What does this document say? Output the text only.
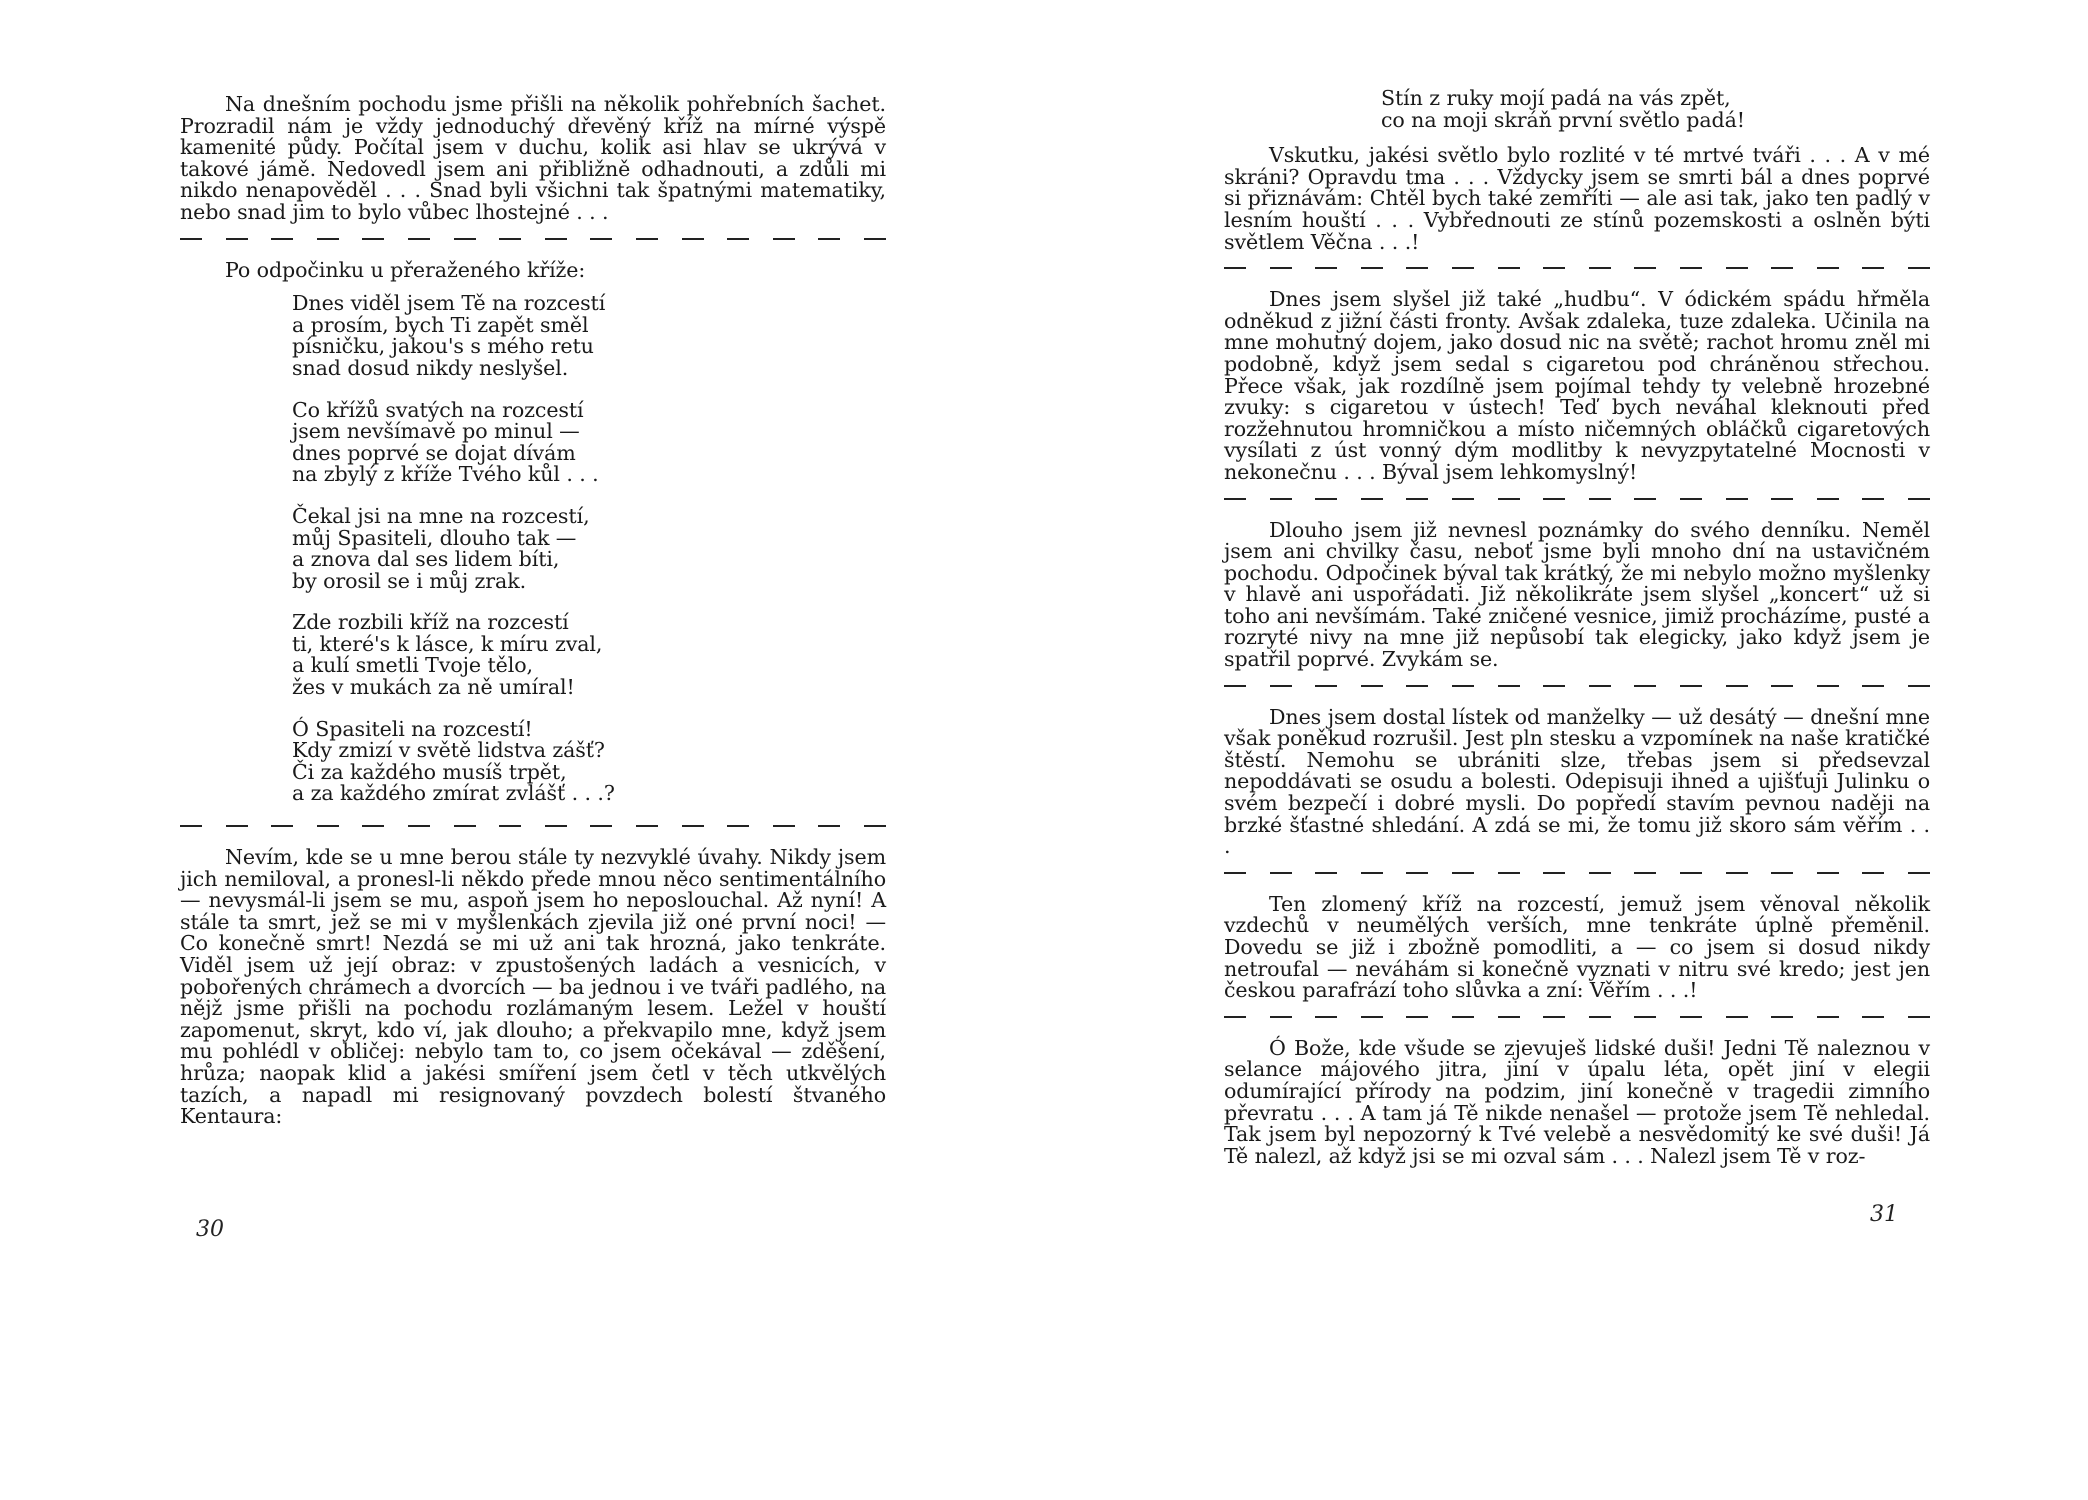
Na dnešním pochodu jsme přišli na několik pohřebních šachet. Prozradil nám je vždy jednoduchý dřevěný kříž na mírné výspě kamenité půdy. Počítal jsem v duchu, kolik asi hlav se ukrývá v takové jámě. Nedovedl jsem ani přibližně odhadnouti, a zdůli mi nikdo nenapověděl . . . Snad byli všichni tak špatnými matematiky, nebo snad jim to bylo vůbec lhostejné . . .

Po odpočinku u přeraženého kříže:

Dnes viděl jsem Tě na rozcestí
a prosím, bych Ti zapět směl
písničku, jakou's s mého retu
snad dosud nikdy neslyšel.
Co křížů svatých na rozcestí
jsem nevšímavě po minul —
dnes poprvé se dojat dívám
na zbylý z kříže Tvého kůl . . .
Čekal jsi na mne na rozcestí,
můj Spasiteli, dlouho tak —
a znova dal ses lidem bíti,
by orosil se i můj zrak.
Zde rozbili kříž na rozcestí
ti, které's k lásce, k míru zval,
a kulí smetli Tvoje tělo,
žes v mukách za ně umíral!
Ó Spasiteli na rozcestí!
Kdy zmizí v světě lidstva zášť?
Či za každého musíš trpět,
a za každého zmírat zvlášť . . .?

Nevím, kde se u mne berou stále ty nezvyklé úvahy. Nikdy jsem jich nemiloval, a pronesl-li někdo přede mnou něco sentimentálního — nevysmál-li jsem se mu, aspoň jsem ho neposlouchal. Až nyní! A stále ta smrt, jež se mi v myšlenkách zjevila již oné první noci! — Co konečně smrt! Nezdá se mi už ani tak hrozná, jako tenkráte. Viděl jsem už její obraz: v zpustošených ladách a vesnicích, v pobořených chrámech a dvorcích — ba jednou i ve tváři padlého, na nějž jsme přišli na pochodu rozlámaným lesem. Ležel v houští zapomenut, skryt, kdo ví, jak dlouho; a překvapilo mne, když jsem mu pohlédl v obličej: nebylo tam to, co jsem očekával — zděšení, hrůza; naopak klid a jakési smíření jsem četl v těch utkvělých tazích, a napadl mi resignovaný povzdech bolestí štvaného Kentaura:

30
Stín z ruky mojí padá na vás zpět,
co na moji skráň první světlo padá!

Vskutku, jakési světlo bylo rozlité v té mrtvé tváři . . . A v mé skráni? Opravdu tma . . . Vždycky jsem se smrti bál a dnes poprvé si přiznávám: Chtěl bych také zemříti — ale asi tak, jako ten padlý v lesním houští . . . Vybřednouti ze stínů pozemskosti a oslněn býti světlem Věčna . . .!

Dnes jsem slyšel již také „hudbu“. V ódickém spádu hřměla odněkud z jižní části fronty. Avšak zdaleka, tuze zdaleka. Učinila na mne mohutný dojem, jako dosud nic na světě; rachot hromu zněl mi podobně, když jsem sedal s cigaretou pod chráněnou střechou. Přece však, jak rozdílně jsem pojímal tehdy ty velebně hrozebné zvuky: s cigaretou v ústech! Teď bych neváhal kleknouti před rozžehnutou hromničkou a místo ničemných obláčků cigaretových vysílati z úst vonný dým modlitby k nevyzpytatelné Mocnosti v nekonečnu . . . Býval jsem lehkomyslný!

Dlouho jsem již nevnesl poznámky do svého denníku. Neměl jsem ani chvilky času, neboť jsme byli mnoho dní na ustavičném pochodu. Odpočinek býval tak krátký, že mi nebylo možno myšlenky v hlavě ani uspořádati. Již několikráte jsem slyšel „koncert“ už si toho ani nevšímám. Také zničené vesnice, jimiž procházíme, pusté a rozryté nivy na mne již nepůsobí tak elegicky, jako když jsem je spatřil poprvé. Zvykám se.

Dnes jsem dostal lístek od manželky — už desátý — dnešní mne však poněkud rozrušil. Jest pln stesku a vzpomínek na naše kratičké štěstí. Nemohu se ubrániti slze, třebas jsem si předsevzal nepoddávati se osudu a bolesti. Odepisuji ihned a ujišťuji Julinku o svém bezpečí i dobré mysli. Do popředí stavím pevnou naději na brzké šťastné shledání. A zdá se mi, že tomu již skoro sám věřím . . .

Ten zlomený kříž na rozcestí, jemuž jsem věnoval několik vzdechů v neumělých verších, mne tenkráte úplně přeměnil. Dovedu se již i zbožně pomodliti, a — co jsem si dosud nikdy netroufal — neváhám si konečně vyznati v nitru své kredo; jest jen českou parafrází toho slůvka a zní: Věřím . . .!

Ó Bože, kde všude se zjevuješ lidské duši! Jedni Tě naleznou v selance májového jitra, jiní v úpalu léta, opět jiní v elegii odumírající přírody na podzim, jiní konečně v tragedii zimního převratu . . . A tam já Tě nikde nenašel — protože jsem Tě nehledal. Tak jsem byl nepozorný k Tvé velebě a nesvědomitý ke své duši! Já Tě nalezl, až když jsi se mi ozval sám . . . Nalezl jsem Tě v roz-

31
